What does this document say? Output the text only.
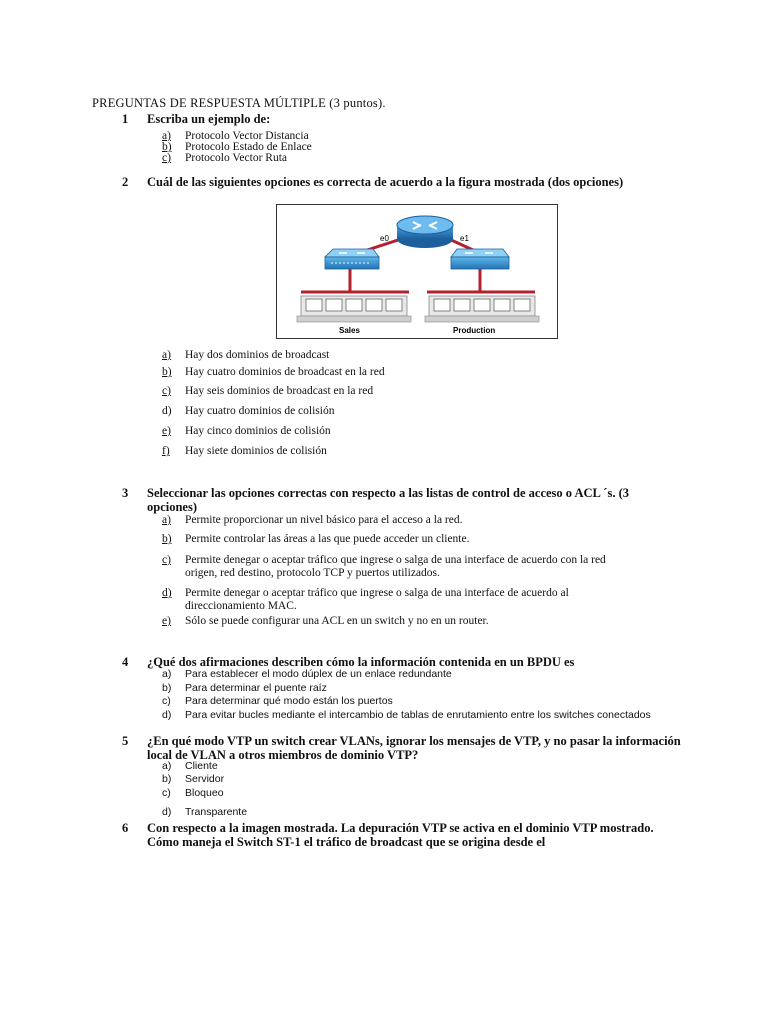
PREGUNTAS DE RESPUESTA MÚLTIPLE (3 puntos).
1 Escriba un ejemplo de:
a) Protocolo Vector Distancia
b) Protocolo Estado de Enlace
c) Protocolo Vector Ruta
2 Cuál de las siguientes opciones es correcta de acuerdo a la figura mostrada (dos opciones)
e0	e1
Sales	Production
a) Hay dos dominios de broadcast
b) Hay cuatro dominios de broadcast en la red
c) Hay seis dominios de broadcast en la red
d) Hay cuatro dominios de colisión
e) Hay cinco dominios de colisión
f) Hay siete dominios de colisión
3 Seleccionar las opciones correctas con respecto a las listas de control de acceso o ACL ´s. (3 opciones)
a) Permite proporcionar un nivel básico para el acceso a la red.
b) Permite controlar las áreas a las que puede acceder un cliente.
c) Permite denegar o aceptar tráfico que ingrese o salga de una interface de acuerdo con la red
origen, red destino, protocolo TCP y puertos utilizados.
d) Permite denegar o aceptar tráfico que ingrese o salga de una interface de acuerdo al
direccionamiento MAC.
e) Sólo se puede configurar una ACL en un switch y no en un router.
4 ¿Qué dos afirmaciones describen cómo la información contenida en un BPDU es
a) Para establecer el modo dúplex de un enlace redundante
b) Para determinar el puente raíz
c) Para determinar qué modo están los puertos
d) Para evitar bucles mediante el intercambio de tablas de enrutamiento entre los switches conectados
5 ¿En qué modo VTP un switch crear VLANs, ignorar los mensajes de VTP, y no pasar la información local de VLAN a otros miembros de dominio VTP?
a) Cliente
b) Servidor
c) Bloqueo
d) Transparente
6 Con respecto a la imagen mostrada. La depuración VTP se activa en el dominio VTP mostrado. Cómo maneja el Switch ST-1 el tráfico de broadcast que se origina desde el
